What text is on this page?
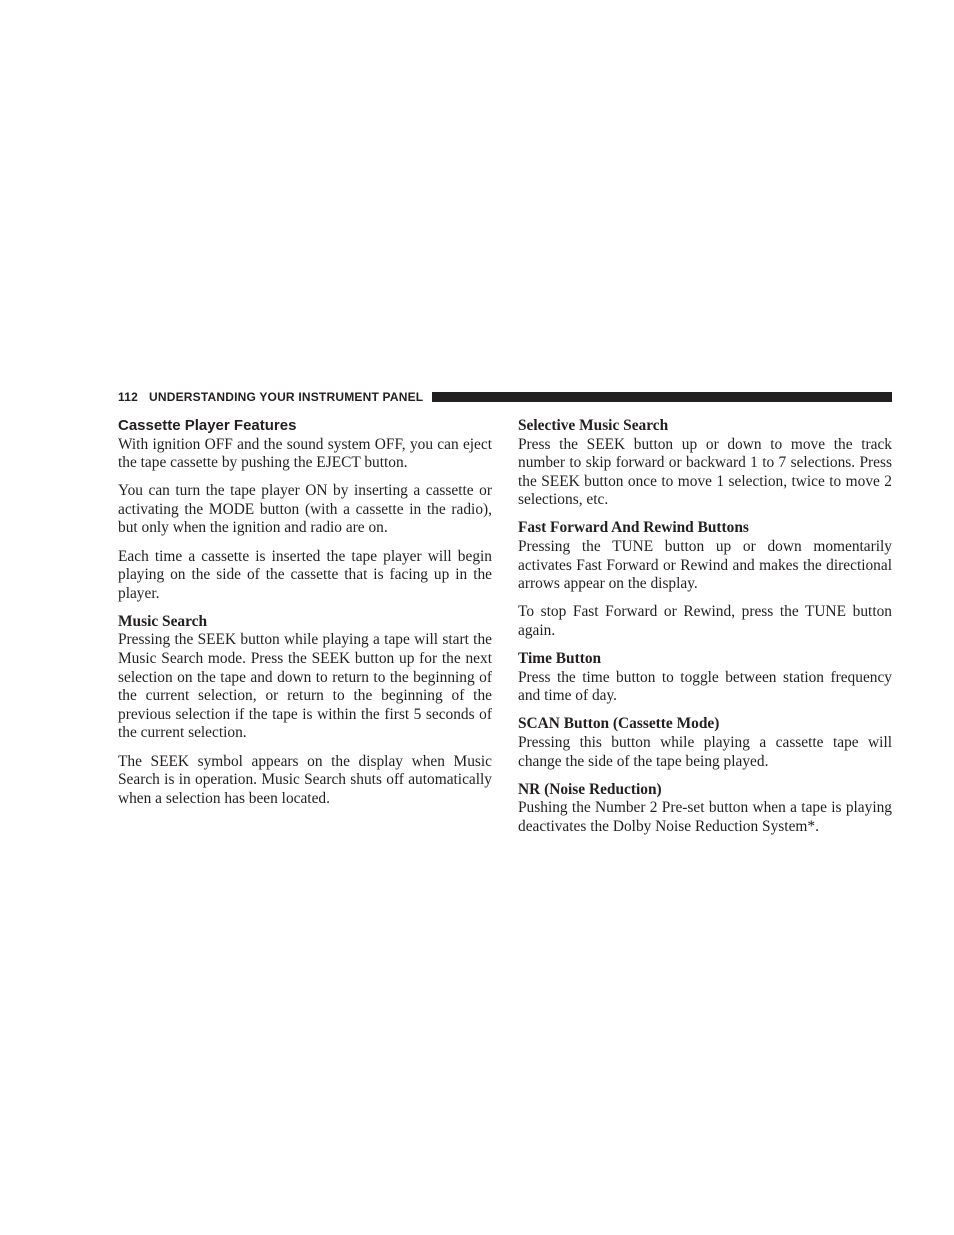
112 UNDERSTANDING YOUR INSTRUMENT PANEL
Cassette Player Features

With ignition OFF and the sound system OFF, you can eject the tape cassette by pushing the EJECT button.

You can turn the tape player ON by inserting a cassette or activating the MODE button (with a cassette in the radio), but only when the ignition and radio are on.

Each time a cassette is inserted the tape player will begin playing on the side of the cassette that is facing up in the player.

Music Search

Pressing the SEEK button while playing a tape will start the Music Search mode. Press the SEEK button up for the next selection on the tape and down to return to the beginning of the current selection, or return to the beginning of the previous selection if the tape is within the first 5 seconds of the current selection.

The SEEK symbol appears on the display when Music Search is in operation. Music Search shuts off automatically when a selection has been located.

Selective Music Search

Press the SEEK button up or down to move the track number to skip forward or backward 1 to 7 selections. Press the SEEK button once to move 1 selection, twice to move 2 selections, etc.

Fast Forward And Rewind Buttons

Pressing the TUNE button up or down momentarily activates Fast Forward or Rewind and makes the directional arrows appear on the display.

To stop Fast Forward or Rewind, press the TUNE button again.

Time Button

Press the time button to toggle between station frequency and time of day.

SCAN Button (Cassette Mode)

Pressing this button while playing a cassette tape will change the side of the tape being played.

NR (Noise Reduction)

Pushing the Number 2 Pre-set button when a tape is playing deactivates the Dolby Noise Reduction System*.
